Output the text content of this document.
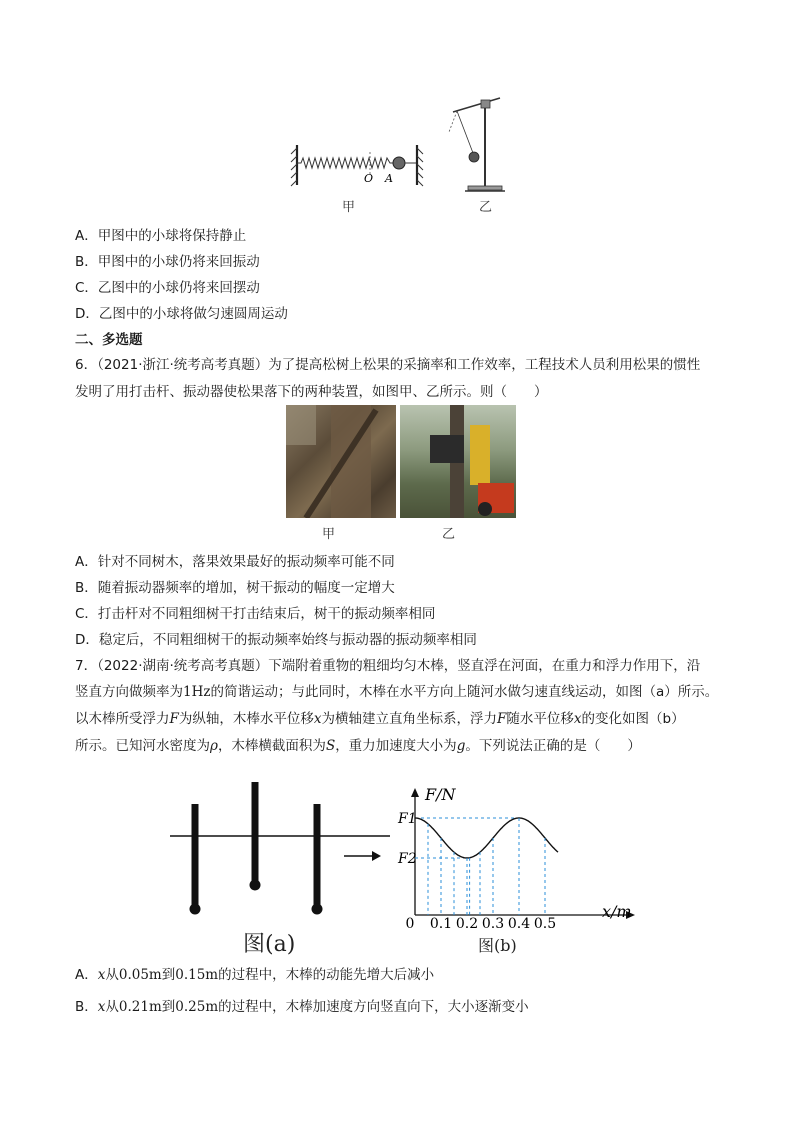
O A
甲	乙
A．甲图中的小球将保持静止
B．甲图中的小球仍将来回振动
C．乙图中的小球仍将来回摆动
D．乙图中的小球将做匀速圆周运动
二、多选题
6．（2021·浙江·统考高考真题）为了提高松树上松果的采摘率和工作效率，工程技术人员利用松果的惯性
发明了用打击杆、振动器使松果落下的两种装置，如图甲、乙所示。则（　　）
甲	乙
A．针对不同树木，落果效果最好的振动频率可能不同
B．随着振动器频率的增加，树干振动的幅度一定增大
C．打击杆对不同粗细树干打击结束后，树干的振动频率相同
D．稳定后，不同粗细树干的振动频率始终与振动器的振动频率相同
7．（2022·湖南·统考高考真题）下端附着重物的粗细均匀木棒，竖直浮在河面，在重力和浮力作用下，沿
竖直方向做频率为1Hz的简谐运动；与此同时，木棒在水平方向上随河水做匀速直线运动，如图（a）所示。
以木棒所受浮力F为纵轴，木棒水平位移x为横轴建立直角坐标系，浮力F随水平位移x的变化如图（b）
所示。已知河水密度为ρ，木棒横截面积为S，重力加速度大小为g。下列说法正确的是（　　）
图(a)
F/N
x/m
F1
F2
0 0.1 0.2 0.3 0.4 0.5
图(b)
A．x从0.05m到0.15m的过程中，木棒的动能先增大后减小
B．x从0.21m到0.25m的过程中，木棒加速度方向竖直向下，大小逐渐变小
